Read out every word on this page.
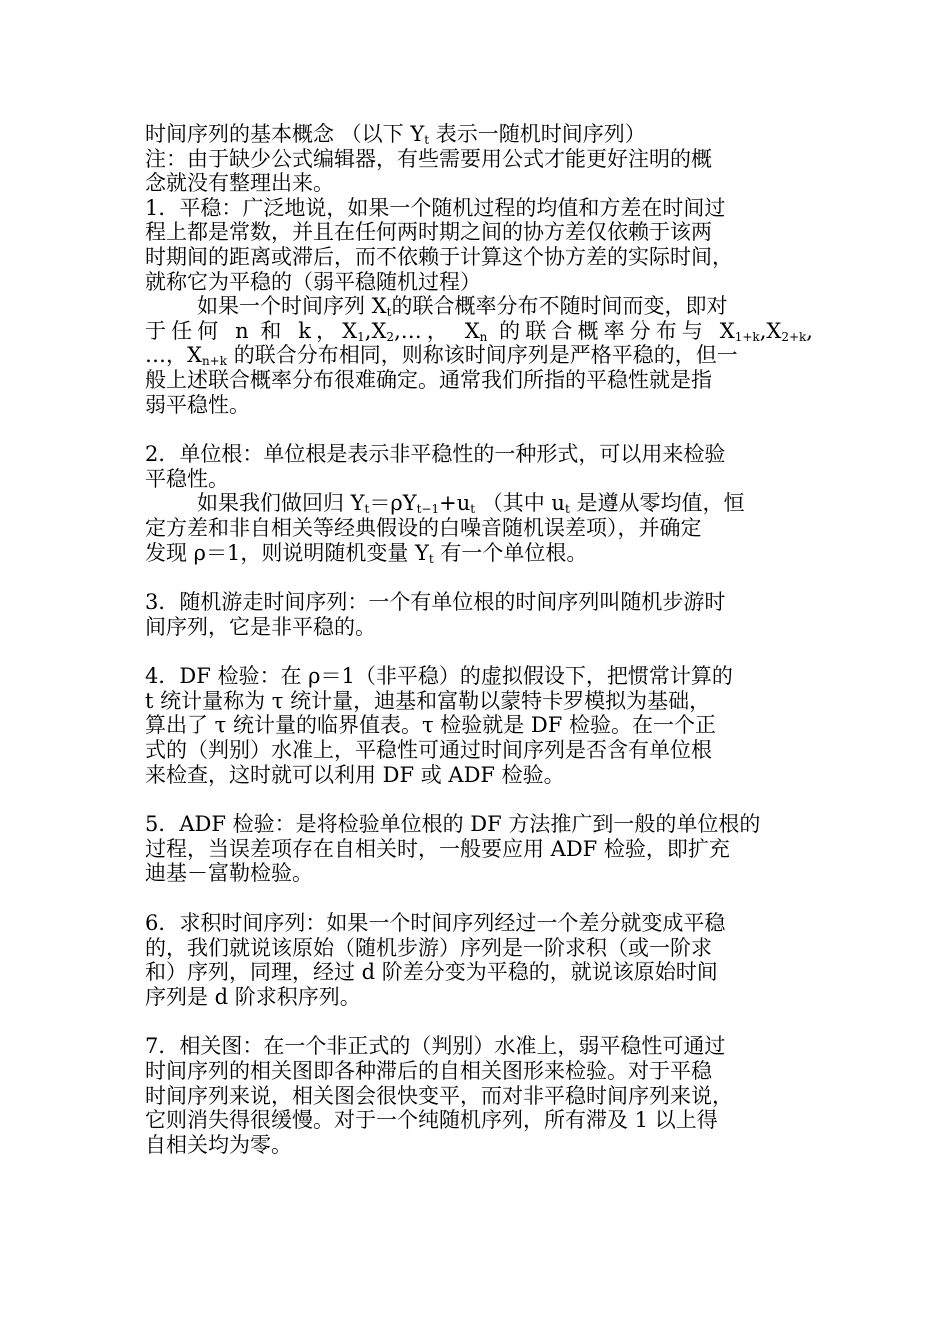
时间序列的基本概念 （以下 $Y_t$ 表示一随机时间序列）
注：由于缺少公式编辑器，有些需要用公式才能更好注明的概
念就没有整理出来。
1．平稳：广泛地说，如果一个随机过程的均值和方差在时间过
程上都是常数，并且在任何两时期之间的协方差仅依赖于该两
时期间的距离或滞后，而不依赖于计算这个协方差的实际时间，
就称它为平稳的（弱平稳随机过程）
如果一个时间序列 $X_t$的联合概率分布不随时间而变，即对
于任何 n 和 k，$X_1,X_2,\dots$， $X_n$ 的联合概率分布与 $X_{1+k},X_{2+k}$,
…，$X_{n+k}$ 的联合分布相同，则称该时间序列是严格平稳的，但一
般上述联合概率分布很难确定。通常我们所指的平稳性就是指
弱平稳性。
2．单位根：单位根是表示非平稳性的一种形式，可以用来检验
平稳性。
如果我们做回归 $Y_t=\rho Y_{t-1}+u_t$ （其中 $u_t$ 是遵从零均值，恒
定方差和非自相关等经典假设的白噪音随机误差项），并确定
发现 ρ＝1，则说明随机变量 $Y_t$ 有一个单位根。
3．随机游走时间序列：一个有单位根的时间序列叫随机步游时
间序列，它是非平稳的。
4．DF 检验：在 ρ＝1（非平稳）的虚拟假设下，把惯常计算的
t 统计量称为 τ 统计量，迪基和富勒以蒙特卡罗模拟为基础，
算出了 τ 统计量的临界值表。τ 检验就是 DF 检验。在一个正
式的（判别）水准上，平稳性可通过时间序列是否含有单位根
来检查，这时就可以利用 DF 或 ADF 检验。
5．ADF 检验：是将检验单位根的 DF 方法推广到一般的单位根的
过程，当误差项存在自相关时，一般要应用 ADF 检验，即扩充
迪基－富勒检验。
6．求积时间序列：如果一个时间序列经过一个差分就变成平稳
的，我们就说该原始（随机步游）序列是一阶求积（或一阶求
和）序列，同理，经过 d 阶差分变为平稳的，就说该原始时间
序列是 d 阶求积序列。
7．相关图：在一个非正式的（判别）水准上，弱平稳性可通过
时间序列的相关图即各种滞后的自相关图形来检验。对于平稳
时间序列来说，相关图会很快变平，而对非平稳时间序列来说，
它则消失得很缓慢。对于一个纯随机序列，所有滞及 1 以上得
自相关均为零。
